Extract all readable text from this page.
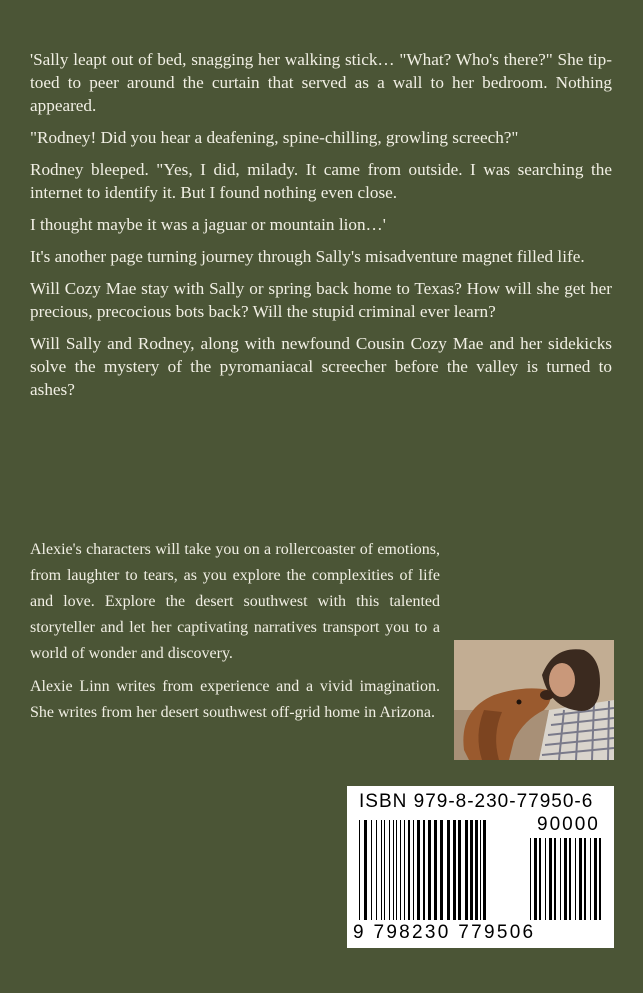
'Sally leapt out of bed, snagging her walking stick… "What? Who's there?" She tip-toed to peer around the curtain that served as a wall to her bedroom. Nothing appeared.

"Rodney! Did you hear a deafening, spine-chilling, growling screech?"

Rodney bleeped. "Yes, I did, milady. It came from outside. I was searching the internet to identify it. But I found nothing even close.

I thought maybe it was a jaguar or mountain lion…'

It's another page turning journey through Sally's misadventure magnet filled life.

Will Cozy Mae stay with Sally or spring back home to Texas? How will she get her precious, precocious bots back? Will the stupid criminal ever learn?

Will Sally and Rodney, along with newfound Cousin Cozy Mae and her sidekicks solve the mystery of the pyromaniacal screecher before the valley is turned to ashes?

Alexie's characters will take you on a rollercoaster of emotions, from laughter to tears, as you explore the complexities of life and love. Explore the desert southwest with this talented storyteller and let her captivating narratives transport you to a world of wonder and discovery.

Alexie Linn writes from experience and a vivid imagination. She writes from her desert southwest off-grid home in Arizona.

ISBN 979-8-230-77950-6
90000
9 798230 779506
